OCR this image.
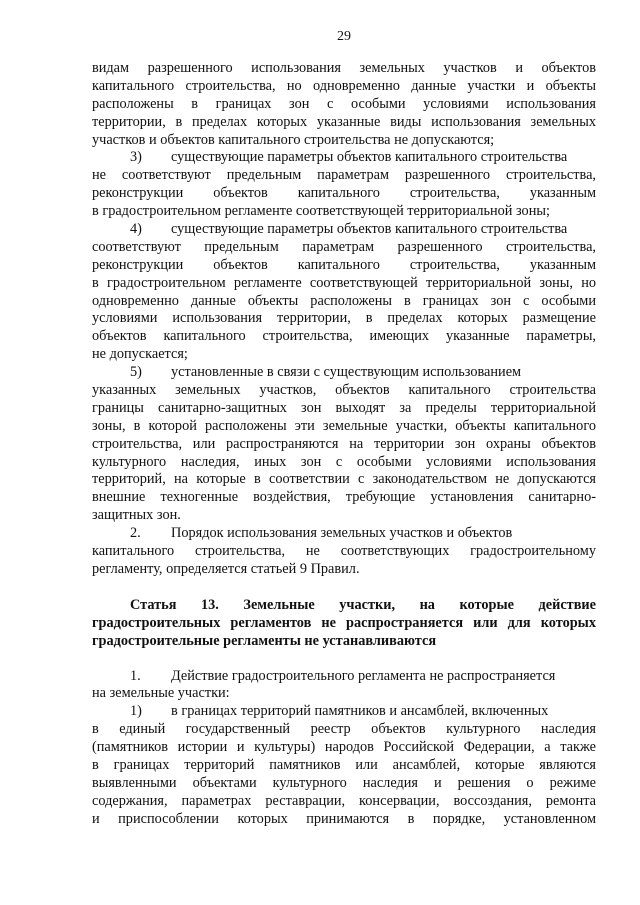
29
видам разрешенного использования земельных участков и объектов
капитального строительства, но одновременно данные участки и объекты
расположены в границах зон с особыми условиями использования
территории, в пределах которых указанные виды использования земельных
участков и объектов капитального строительства не допускаются;
3) существующие параметры объектов капитального строительства
не соответствуют предельным параметрам разрешенного строительства,
реконструкции объектов капитального строительства, указанным
в градостроительном регламенте соответствующей территориальной зоны;
4) существующие параметры объектов капитального строительства
соответствуют предельным параметрам разрешенного строительства,
реконструкции объектов капитального строительства, указанным
в градостроительном регламенте соответствующей территориальной зоны, но
одновременно данные объекты расположены в границах зон с особыми
условиями использования территории, в пределах которых размещение
объектов капитального строительства, имеющих указанные параметры,
не допускается;
5) установленные в связи с существующим использованием
указанных земельных участков, объектов капитального строительства
границы санитарно-защитных зон выходят за пределы территориальной
зоны, в которой расположены эти земельные участки, объекты капитального
строительства, или распространяются на территории зон охраны объектов
культурного наследия, иных зон с особыми условиями использования
территорий, на которые в соответствии с законодательством не допускаются
внешние техногенные воздействия, требующие установления санитарно-
защитных зон.
2. Порядок использования земельных участков и объектов
капитального строительства, не соответствующих градостроительному
регламенту, определяется статьей 9 Правил.
Статья 13. Земельные участки, на которые действие
градостроительных регламентов не распространяется или для которых
градостроительные регламенты не устанавливаются
1. Действие градостроительного регламента не распространяется
на земельные участки:
1) в границах территорий памятников и ансамблей, включенных
в единый государственный реестр объектов культурного наследия
(памятников истории и культуры) народов Российской Федерации, а также
в границах территорий памятников или ансамблей, которые являются
выявленными объектами культурного наследия и решения о режиме
содержания, параметрах реставрации, консервации, воссоздания, ремонта
и приспособлении которых принимаются в порядке, установленном
